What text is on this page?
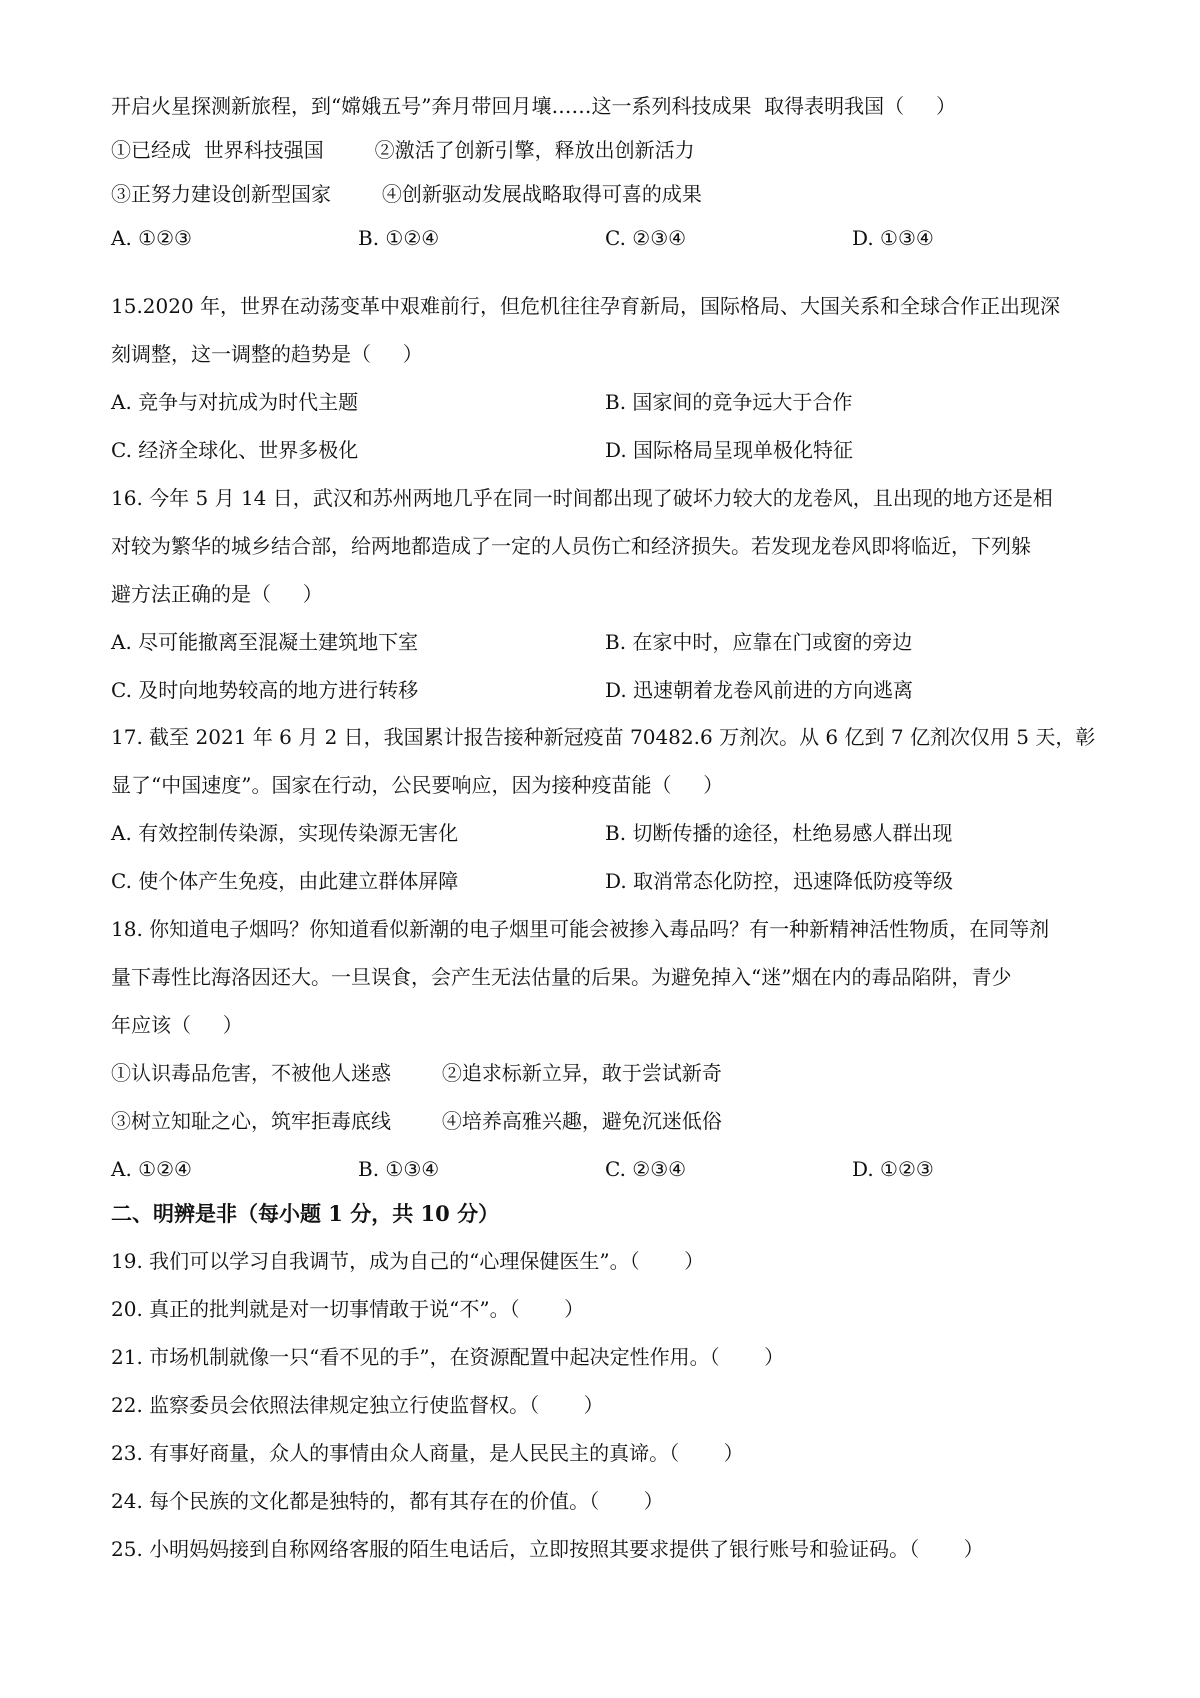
开启火星探测新旅程，到“嫦娥五号”奔月带回月壤……这一系列科技成果  取得表明我国（     ）
①已经成  世界科技强国        ②激活了创新引擎，释放出创新活力
③正努力建设创新型国家        ④创新驱动发展战略取得可喜的成果
A. ①②③	B. ①②④	C. ②③④	D. ①③④
15.2020 年，世界在动荡变革中艰难前行，但危机往往孕育新局，国际格局、大国关系和全球合作正出现深
刻调整，这一调整的趋势是（     ）
A. 竞争与对抗成为时代主题	B. 国家间的竞争远大于合作
C. 经济全球化、世界多极化	D. 国际格局呈现单极化特征
16. 今年 5 月 14 日，武汉和苏州两地几乎在同一时间都出现了破坏力较大的龙卷风，且出现的地方还是相
对较为繁华的城乡结合部，给两地都造成了一定的人员伤亡和经济损失。若发现龙卷风即将临近，下列躲
避方法正确的是（     ）
A. 尽可能撤离至混凝土建筑地下室	B. 在家中时，应靠在门或窗的旁边
C. 及时向地势较高的地方进行转移	D. 迅速朝着龙卷风前进的方向逃离
17. 截至 2021 年 6 月 2 日，我国累计报告接种新冠疫苗 70482.6 万剂次。从 6 亿到 7 亿剂次仅用 5 天，彰
显了“中国速度”。国家在行动，公民要响应，因为接种疫苗能（     ）
A. 有效控制传染源，实现传染源无害化	B. 切断传播的途径，杜绝易感人群出现
C. 使个体产生免疫，由此建立群体屏障	D. 取消常态化防控，迅速降低防疫等级
18. 你知道电子烟吗？你知道看似新潮的电子烟里可能会被掺入毒品吗？有一种新精神活性物质，在同等剂
量下毒性比海洛因还大。一旦误食，会产生无法估量的后果。为避免掉入“迷”烟在内的毒品陷阱，青少
年应该（     ）
①认识毒品危害，不被他人迷惑        ②追求标新立异，敢于尝试新奇
③树立知耻之心，筑牢拒毒底线        ④培养高雅兴趣，避免沉迷低俗
A. ①②④	B. ①③④	C. ②③④	D. ①②③
二、明辨是非（每小题 1 分，共 10 分）
19. 我们可以学习自我调节，成为自己的“心理保健医生”。（       ）
20. 真正的批判就是对一切事情敢于说“不”。（       ）
21. 市场机制就像一只“看不见的手”，在资源配置中起决定性作用。（       ）
22. 监察委员会依照法律规定独立行使监督权。（       ）
23. 有事好商量，众人的事情由众人商量，是人民民主的真谛。（       ）
24. 每个民族的文化都是独特的，都有其存在的价值。（       ）
25. 小明妈妈接到自称网络客服的陌生电话后，立即按照其要求提供了银行账号和验证码。（       ）
